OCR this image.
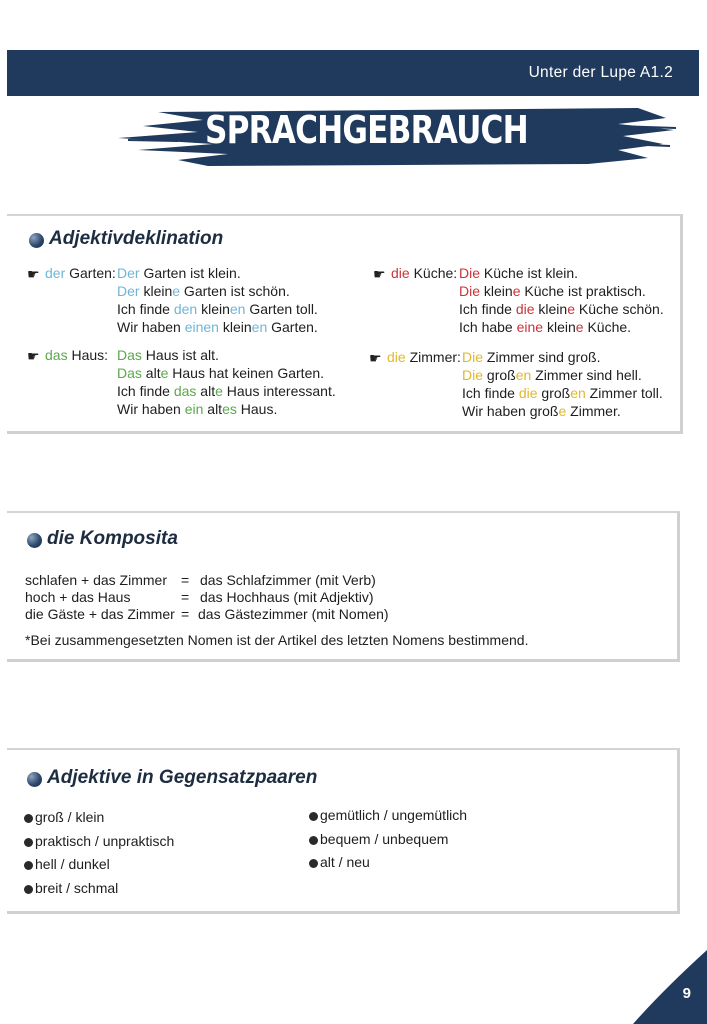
Unter der Lupe A1.2
SPRACHGEBRAUCH
Adjektivdeklination
☛ der Garten: Der Garten ist klein.
Der kleine Garten ist schön.
Ich finde den kleinen Garten toll.
Wir haben einen kleinen Garten.
☛ das Haus: Das Haus ist alt.
Das alte Haus hat keinen Garten.
Ich finde das alte Haus interessant.
Wir haben ein altes Haus.
☛ die Küche: Die Küche ist klein.
Die kleine Küche ist praktisch.
Ich finde die kleine Küche schön.
Ich habe eine kleine Küche.
☛ die Zimmer: Die Zimmer sind groß.
Die großen Zimmer sind hell.
Ich finde die großen Zimmer toll.
Wir haben große Zimmer.
die Komposita
schlafen + das Zimmer = das Schlafzimmer (mit Verb)
hoch + das Haus	= das Hochhaus (mit Adjektiv)
die Gäste + das Zimmer = das Gästezimmer (mit Nomen)
*Bei zusammengesetzten Nomen ist der Artikel des letzten Nomens bestimmend.
Adjektive in Gegensatzpaaren
groß / klein
praktisch / unpraktisch
hell / dunkel
breit / schmal
gemütlich / ungemütlich
bequem / unbequem
alt / neu
9
